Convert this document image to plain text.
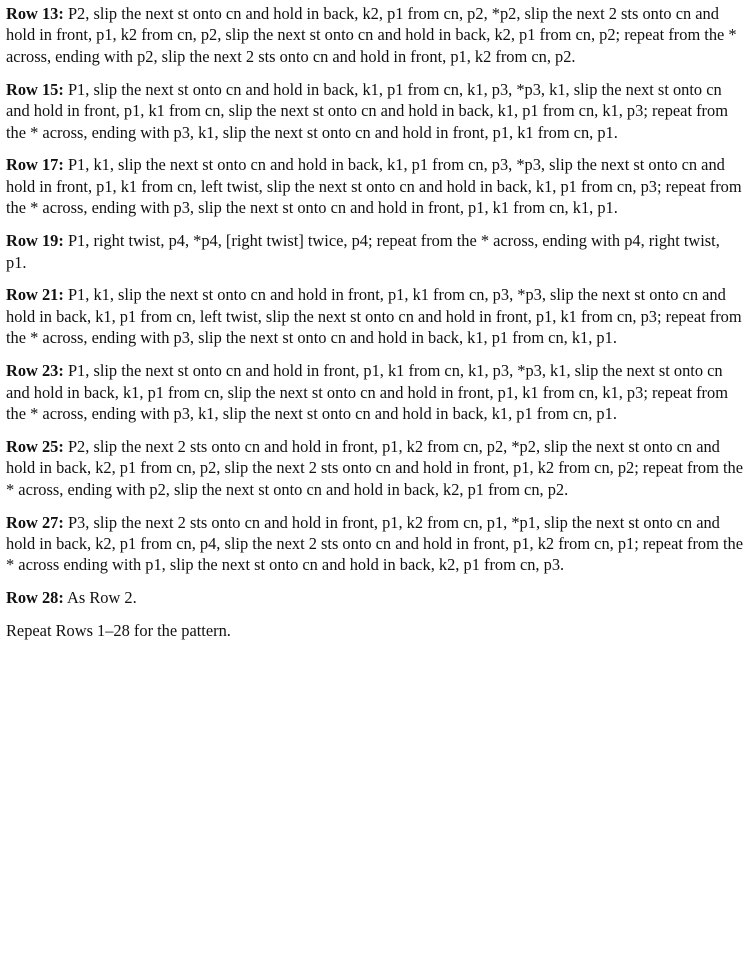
Row 13: P2, slip the next st onto cn and hold in back, k2, p1 from cn, p2, *p2, slip the next 2 sts onto cn and hold in front, p1, k2 from cn, p2, slip the next st onto cn and hold in back, k2, p1 from cn, p2; repeat from the * across, ending with p2, slip the next 2 sts onto cn and hold in front, p1, k2 from cn, p2.

Row 15: P1, slip the next st onto cn and hold in back, k1, p1 from cn, k1, p3, *p3, k1, slip the next st onto cn and hold in front, p1, k1 from cn, slip the next st onto cn and hold in back, k1, p1 from cn, k1, p3; repeat from the * across, ending with p3, k1, slip the next st onto cn and hold in front, p1, k1 from cn, p1.

Row 17: P1, k1, slip the next st onto cn and hold in back, k1, p1 from cn, p3, *p3, slip the next st onto cn and hold in front, p1, k1 from cn, left twist, slip the next st onto cn and hold in back, k1, p1 from cn, p3; repeat from the * across, ending with p3, slip the next st onto cn and hold in front, p1, k1 from cn, k1, p1.

Row 19: P1, right twist, p4, *p4, [right twist] twice, p4; repeat from the * across, ending with p4, right twist, p1.

Row 21: P1, k1, slip the next st onto cn and hold in front, p1, k1 from cn, p3, *p3, slip the next st onto cn and hold in back, k1, p1 from cn, left twist, slip the next st onto cn and hold in front, p1, k1 from cn, p3; repeat from the * across, ending with p3, slip the next st onto cn and hold in back, k1, p1 from cn, k1, p1.

Row 23: P1, slip the next st onto cn and hold in front, p1, k1 from cn, k1, p3, *p3, k1, slip the next st onto cn and hold in back, k1, p1 from cn, slip the next st onto cn and hold in front, p1, k1 from cn, k1, p3; repeat from the * across, ending with p3, k1, slip the next st onto cn and hold in back, k1, p1 from cn, p1.

Row 25: P2, slip the next 2 sts onto cn and hold in front, p1, k2 from cn, p2, *p2, slip the next st onto cn and hold in back, k2, p1 from cn, p2, slip the next 2 sts onto cn and hold in front, p1, k2 from cn, p2; repeat from the * across, ending with p2, slip the next st onto cn and hold in back, k2, p1 from cn, p2.

Row 27: P3, slip the next 2 sts onto cn and hold in front, p1, k2 from cn, p1, *p1, slip the next st onto cn and hold in back, k2, p1 from cn, p4, slip the next 2 sts onto cn and hold in front, p1, k2 from cn, p1; repeat from the * across ending with p1, slip the next st onto cn and hold in back, k2, p1 from cn, p3.

Row 28: As Row 2.

Repeat Rows 1–28 for the pattern.
